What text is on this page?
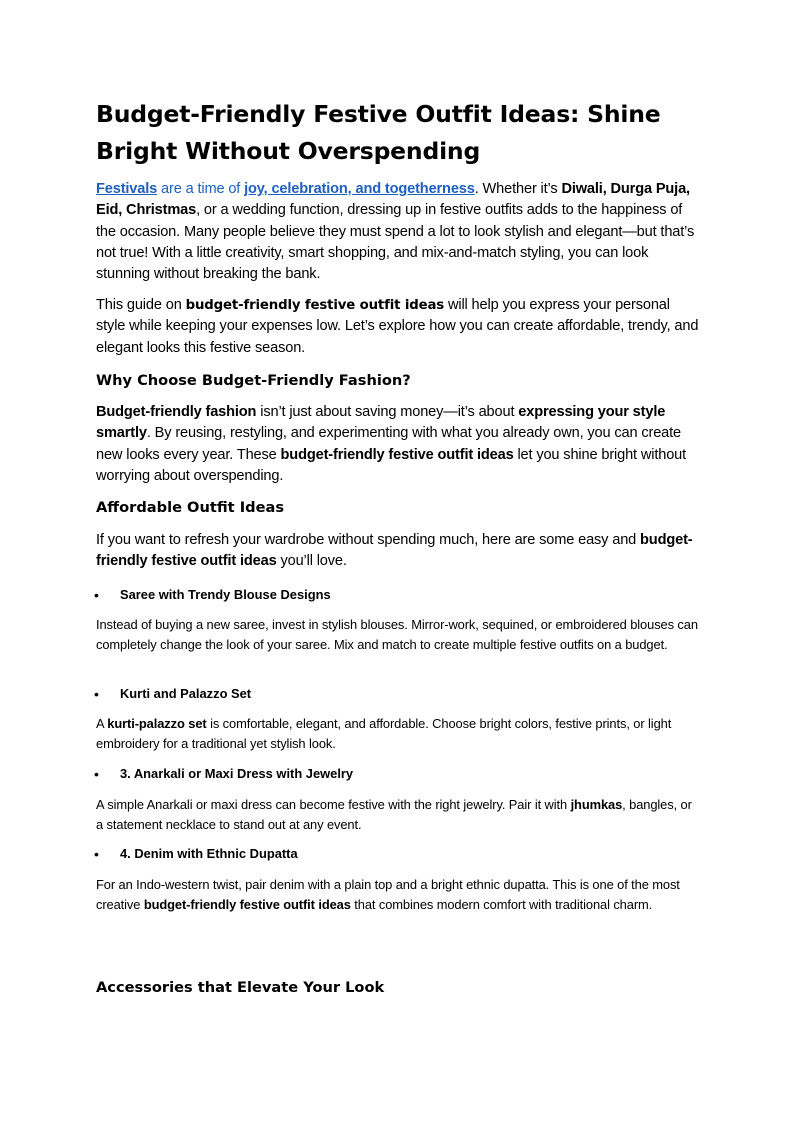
Budget-Friendly Festive Outfit Ideas: Shine Bright Without Overspending

Festivals are a time of joy, celebration, and togetherness. Whether it’s Diwali, Durga Puja, Eid, Christmas, or a wedding function, dressing up in festive outfits adds to the happiness of the occasion. Many people believe they must spend a lot to look stylish and elegant—but that’s not true! With a little creativity, smart shopping, and mix-and-match styling, you can look stunning without breaking the bank.

This guide on budget-friendly festive outfit ideas will help you express your personal style while keeping your expenses low. Let’s explore how you can create affordable, trendy, and elegant looks this festive season.

Why Choose Budget-Friendly Fashion?

Budget-friendly fashion isn’t just about saving money—it’s about expressing your style smartly. By reusing, restyling, and experimenting with what you already own, you can create new looks every year. These budget-friendly festive outfit ideas let you shine bright without worrying about overspending.

Affordable Outfit Ideas

If you want to refresh your wardrobe without spending much, here are some easy and budget-friendly festive outfit ideas you’ll love.

• Saree with Trendy Blouse Designs

Instead of buying a new saree, invest in stylish blouses. Mirror-work, sequined, or embroidered blouses can completely change the look of your saree. Mix and match to create multiple festive outfits on a budget.

• Kurti and Palazzo Set

A kurti-palazzo set is comfortable, elegant, and affordable. Choose bright colors, festive prints, or light embroidery for a traditional yet stylish look.

• 3. Anarkali or Maxi Dress with Jewelry

A simple Anarkali or maxi dress can become festive with the right jewelry. Pair it with jhumkas, bangles, or a statement necklace to stand out at any event.

• 4. Denim with Ethnic Dupatta

For an Indo-western twist, pair denim with a plain top and a bright ethnic dupatta. This is one of the most creative budget-friendly festive outfit ideas that combines modern comfort with traditional charm.

Accessories that Elevate Your Look
